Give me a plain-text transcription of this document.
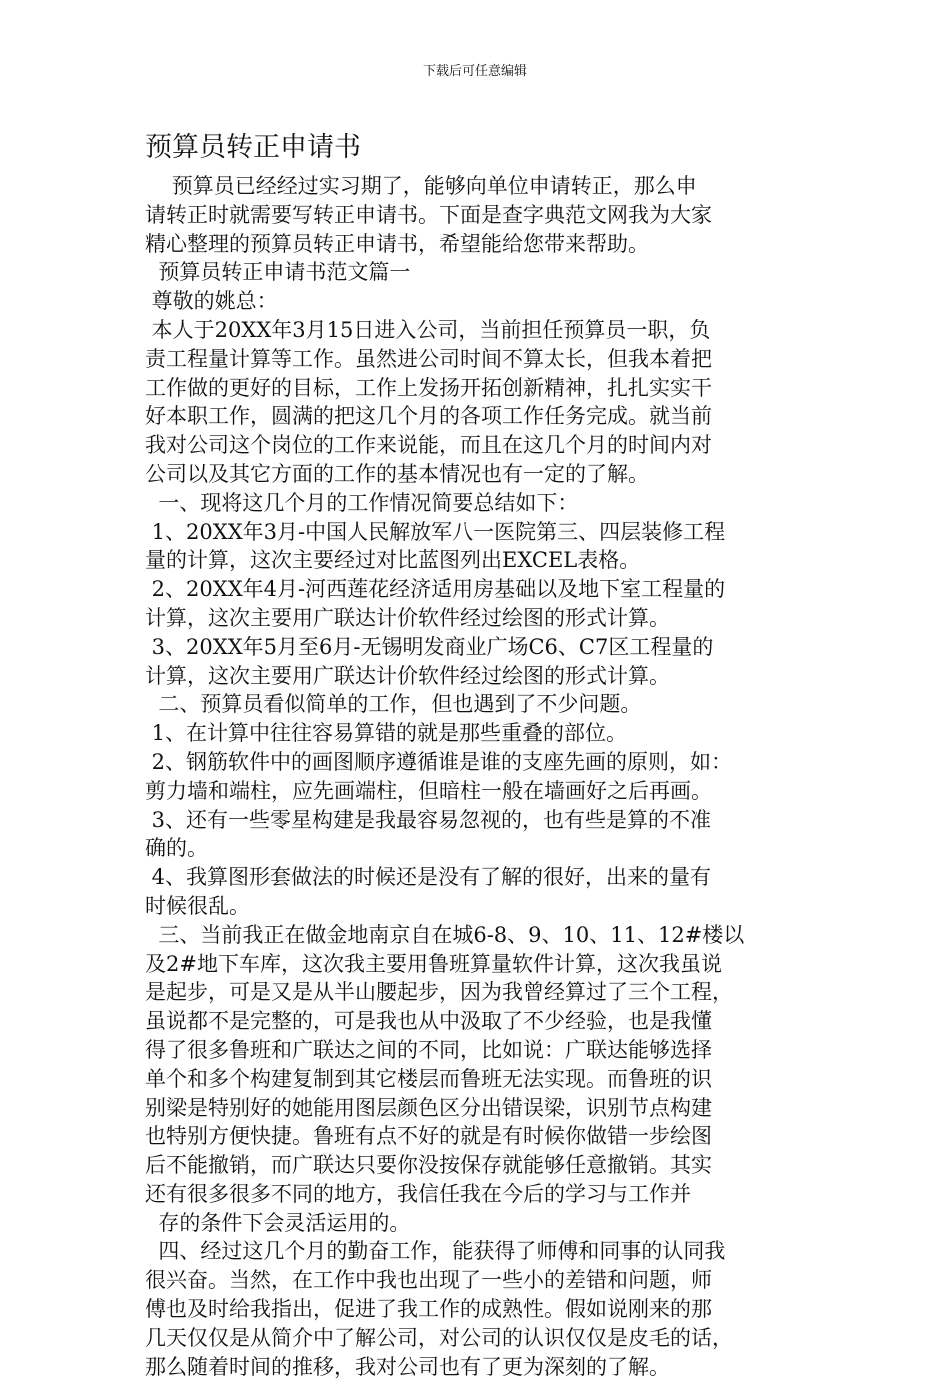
下载后可任意编辑
预算员转正申请书
预算员已经经过实习期了，能够向单位申请转正，那么申
请转正时就需要写转正申请书。下面是查字典范文网我为大家
精心整理的预算员转正申请书，希望能给您带来帮助。
预算员转正申请书范文篇一
尊敬的姚总：
本人于20XX年3月15日进入公司，当前担任预算员一职，负
责工程量计算等工作。虽然进公司时间不算太长，但我本着把
工作做的更好的目标，工作上发扬开拓创新精神，扎扎实实干
好本职工作，圆满的把这几个月的各项工作任务完成。就当前
我对公司这个岗位的工作来说能，而且在这几个月的时间内对
公司以及其它方面的工作的基本情况也有一定的了解。
一、现将这几个月的工作情况简要总结如下：
1、20XX年3月-中国人民解放军八一医院第三、四层装修工程
量的计算，这次主要经过对比蓝图列出EXCEL表格。
2、20XX年4月-河西莲花经济适用房基础以及地下室工程量的
计算，这次主要用广联达计价软件经过绘图的形式计算。
3、20XX年5月至6月-无锡明发商业广场C6、C7区工程量的
计算，这次主要用广联达计价软件经过绘图的形式计算。
二、预算员看似简单的工作，但也遇到了不少问题。
1、在计算中往往容易算错的就是那些重叠的部位。
2、钢筋软件中的画图顺序遵循谁是谁的支座先画的原则，如：
剪力墙和端柱，应先画端柱，但暗柱一般在墙画好之后再画。
3、还有一些零星构建是我最容易忽视的，也有些是算的不准
确的。
4、我算图形套做法的时候还是没有了解的很好，出来的量有
时候很乱。
三、当前我正在做金地南京自在城6-8、9、10、11、12#楼以
及2#地下车库，这次我主要用鲁班算量软件计算，这次我虽说
是起步，可是又是从半山腰起步，因为我曾经算过了三个工程，
虽说都不是完整的，可是我也从中汲取了不少经验，也是我懂
得了很多鲁班和广联达之间的不同，比如说：广联达能够选择
单个和多个构建复制到其它楼层而鲁班无法实现。而鲁班的识
别梁是特别好的她能用图层颜色区分出错误梁，识别节点构建
也特别方便快捷。鲁班有点不好的就是有时候你做错一步绘图
后不能撤销，而广联达只要你没按保存就能够任意撤销。其实
还有很多很多不同的地方，我信任我在今后的学习与工作并
存的条件下会灵活运用的。
四、经过这几个月的勤奋工作，能获得了师傅和同事的认同我
很兴奋。当然，在工作中我也出现了一些小的差错和问题，师
傅也及时给我指出，促进了我工作的成熟性。假如说刚来的那
几天仅仅是从简介中了解公司，对公司的认识仅仅是皮毛的话，
那么随着时间的推移，我对公司也有了更为深刻的了解。
